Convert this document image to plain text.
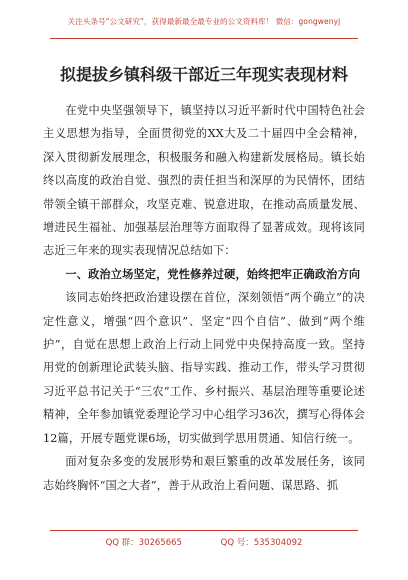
关注头条号“公文研究”，获得最新最全最专业的公文资料库！ 微信：gongwenyj
拟提拔乡镇科级干部近三年现实表现材料

在党中央坚强领导下，镇坚持以习近平新时代中国特色社会主义思想为指导，全面贯彻党的XX大及二十届四中全会精神，深入贯彻新发展理念，积极服务和融入构建新发展格局。镇长始终以高度的政治自觉、强烈的责任担当和深厚的为民情怀，团结带领全镇干部群众，攻坚克难、锐意进取，在推动高质量发展、增进民生福祉、加强基层治理等方面取得了显著成效。现将该同志近三年来的现实表现情况总结如下：

一、政治立场坚定，党性修养过硬，始终把牢正确政治方向

该同志始终把政治建设摆在首位，深刻领悟“两个确立”的决定性意义，增强“四个意识”、坚定“四个自信”、做到“两个维护”，自觉在思想上政治上行动上同党中央保持高度一致。坚持用党的创新理论武装头脑、指导实践、推动工作，带头学习贯彻习近平总书记关于“三农”工作、乡村振兴、基层治理等重要论述精神，全年参加镇党委理论学习中心组学习36次，撰写心得体会12篇，开展专题党课6场，切实做到学思用贯通、知信行统一。

面对复杂多变的发展形势和艰巨繁重的改革发展任务，该同志始终胸怀“国之大者”，善于从政治上看问题、谋思路、抓

QQ 群：30265665	QQ 号：535304092
